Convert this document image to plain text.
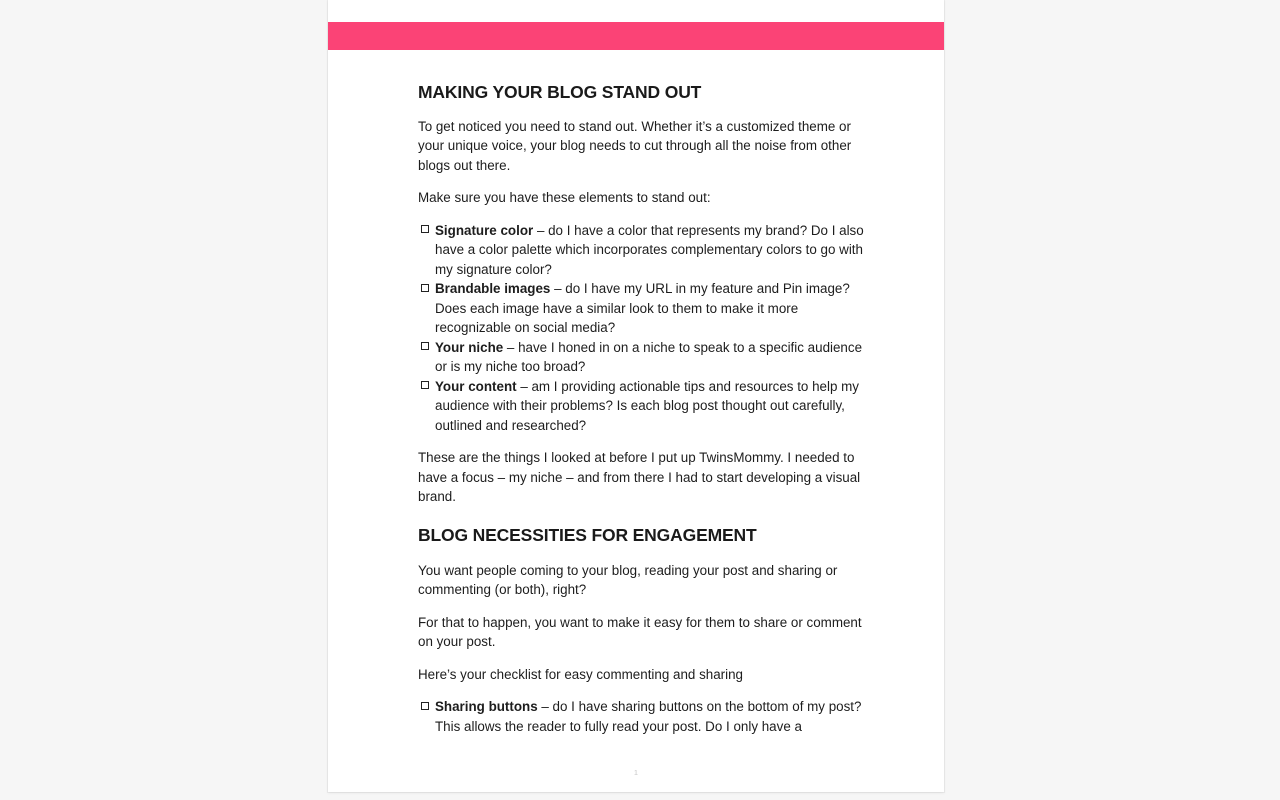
MAKING YOUR BLOG STAND OUT

To get noticed you need to stand out. Whether it’s a customized theme or your unique voice, your blog needs to cut through all the noise from other blogs out there.

Make sure you have these elements to stand out:

Signature color – do I have a color that represents my brand? Do I also have a color palette which incorporates complementary colors to go with my signature color?
Brandable images – do I have my URL in my feature and Pin image? Does each image have a similar look to them to make it more recognizable on social media?
Your niche – have I honed in on a niche to speak to a specific audience or is my niche too broad?
Your content – am I providing actionable tips and resources to help my audience with their problems? Is each blog post thought out carefully, outlined and researched?

These are the things I looked at before I put up TwinsMommy. I needed to have a focus – my niche – and from there I had to start developing a visual brand.

BLOG NECESSITIES FOR ENGAGEMENT

You want people coming to your blog, reading your post and sharing or commenting (or both), right?

For that to happen, you want to make it easy for them to share or comment on your post.

Here’s your checklist for easy commenting and sharing

Sharing buttons – do I have sharing buttons on the bottom of my post? This allows the reader to fully read your post. Do I only have a
1
